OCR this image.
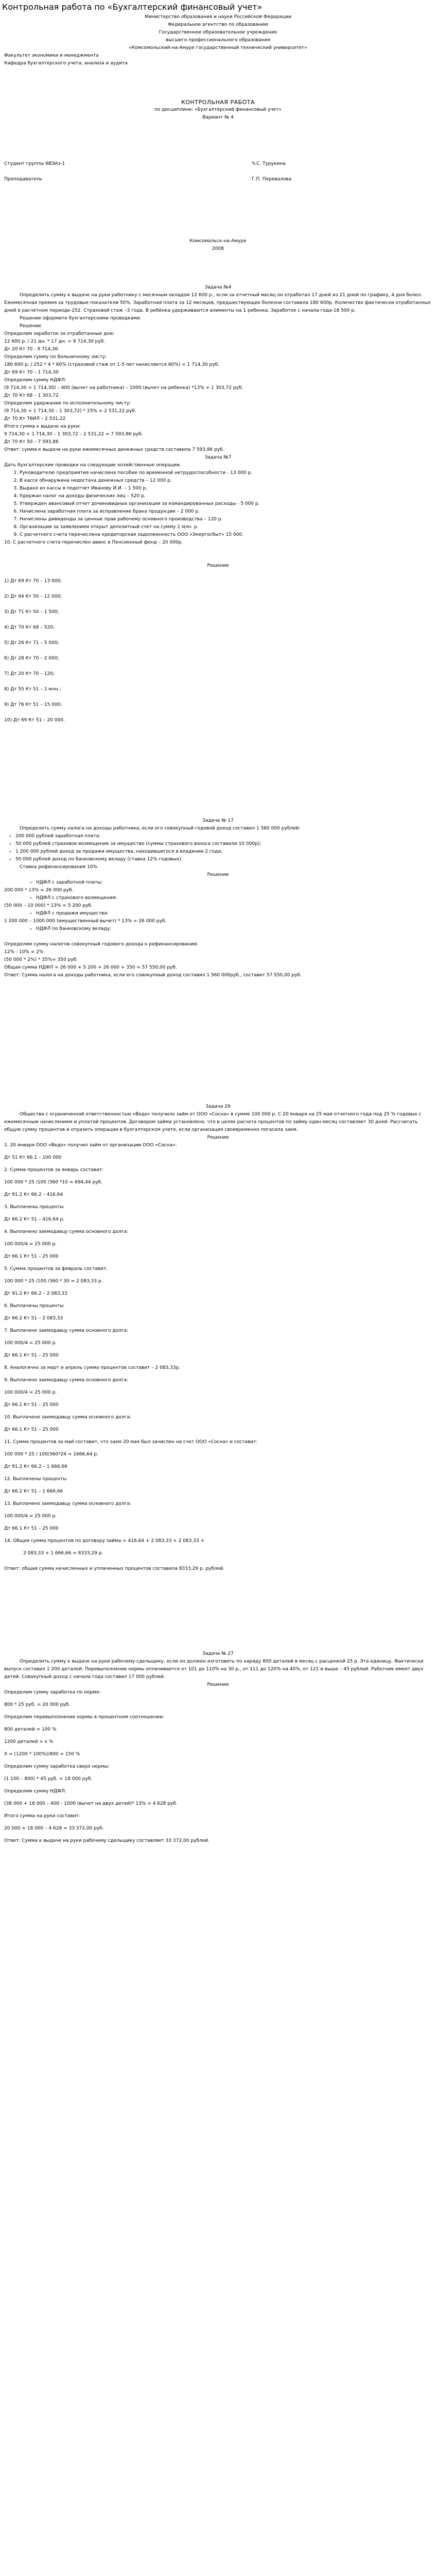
Контрольная работа по «Бухгалтерский финансовый учет»
Министерство образования и науки Российской Федерации
Федеральное агентство по образованию
Государственное образовательное учреждение
высшего профессионального образования
«Комсомольский-на-Амуре государственный технический университет»
Факультет экономики и менеджмента
Кафедра бухгалтерского учета, анализа и аудита
КОНТРОЛЬНАЯ РАБОТА
по дисциплине: «Бухгалтерский финансовый учет»
Вариант № 4
Студент группы 6ВЭАз-1	Ч.С. Турукина
Преподаватель	Г.П. Перевалова
Комсомольск-на-Амуре
2008
Задача №4
Определить сумму к выдаче на руки работнику с месячным окладом 12 600 р., если за отчетный месяц он отработал 17 дней из 21 дней по графику, 4 дня болел. Ежемесячная премия за трудовые показатели 50%. Заработная плата за 12 месяцев, предшествующих болезни составила 180 600р. Количество фактически отработанных дней в расчетном периоде-252. Страховой стаж –3 года. В ребёнка удерживаются алименты на 1 ребенка. Заработок с начала года-18 500 р.
Решение оформите бухгалтерскими проводками.
Решение
Определим заработок за отработанные дни:
12 600 р. / 21 дн. * 17 дн. = 9 714,30 руб.
Дт 20 Кт 70 - 9 714,30
Определим сумму по больничному листу:
180 600 р. / 252 * 4 * 60% (страховой стаж от 1-5 лет начисляется 60%) = 1 714,30 руб.
Дт 69 Кт 70 – 1 714,30
Определим сумму НДФЛ:
(9 714,30 + 1 714,30) – 400 (вычет на работника) – 1000 (вычет на ребенка) *13% = 1 303,72 руб.
Дт 70 Кт 68 – 1 303,72
Определим удержание по исполнительному листу:
(9 714,30 + 1 714,30 – 1 303,72) * 25% = 2 531,22 руб.
Дт 70 Кт 76ИЛ – 2 531,22
Итого сумма к выдаче на руки:
9 714,30 + 1 714,30 – 1 303,72 – 2 531,22 = 7 593,86 руб.
Дт 70 Кт 50 – 7 593,86
Ответ: сумма к выдаче на руки ежемесячных денежных средств составила 7 593,86 руб.
Задача №7
Дать бухгалтерские проводки на следующие хозяйственные операции.
1. Руководителю предприятия начислена пособие по временной нетрудоспособности - 13 000 р.
2. В кассе обнаружена недостача денежных средств – 12 000 р.
3. Выдано из кассы в подотчет Иванову И.И. – 1 500 р.
4. Удержан налог на доходы физических лиц – 520 р.
5. Утвержден авансовый отчет дочиновидных организации за командированных расходы - 5 000 р.
6. Начислена заработная плата за исправление брака продукции – 2 000 р.
7. Начислены дивиденды за ценные прав рабочему основного производства – 120 р.
8. Организации за заявлением открыт депозитный счет на сумму 1 млн. р.
9. С расчетного счета перечислена кредиторская задолженность ООО «Энергосбыт» 15 000.
10. С расчетного счета перечислен аванс в Пенсионный фонд – 20 000р.
Решение
1) Дт 69 Кт 70 – 13 000;
2) Дт 94 Кт 50 – 12 000;
3) Дт 71 Кт 50 – 1 500;
4) Дт 70 Кт 68 – 520;
5) Дт 26 Кт 71 – 5 000;
6) Дт 28 Кт 70 – 2 000;
7) Дт 20 Кт 70 – 120;
8) Дт 55 Кт 51 – 1 млн.;
9) Дт 76 Кт 51 – 15 000;
10) Дт 69 Кт 51 – 20 000.
Задача № 17
Определить сумму налога на доходы работника, если его совокупный годовой доход составил 1 560 000 рублей:
• 200 000 рублей заработная плата;
• 50 000 рублей страховое возмещение за имущество (суммы страхового взноса составили 10 000р);
• 1 200 000 рублей доход за продажи имущества, находившегося в владении 2 года;
• 50 000 рублей доход по банковскому вкладу (ставка 12% годовых).
Ставка рефинансирования 10%
Решение
• НДФЛ с заработной платы:
200 000 * 13% = 26 000 руб.
• НДФЛ с страхового возмещения:
(50 000 – 10 000) * 13% = 5 200 руб.
• НДФЛ с продажи имущества:
1 200 000 – 1000 000 (имущественный вычет) * 13% = 26 000 руб.
• НДФЛ по банковскому вкладу:
Определим сумму налогов совокупный годового дохода к рефинансированию
12% - 10% = 2%
(50 000 * 2%) * 35%= 350 руб.
Общая сумма НДФЛ = 26 000 + 5 200 + 26 000 + 350 = 57 550,00 руб.
Ответ: Сумма налога на доходы работника, если его совокупный доход составил 1 560 000руб., составит 57 550,00 руб.
Задача 29
Общества с ограниченной ответственностью «Ведо» получило займ от ООО «Сосна» в сумме 100 000 р. С 20 января на 25 мая отчетного года под 25 % годовых с ежемесячным начислением и уплатой процентов. Договором займа установлено, что в целях расчета процентов по займу один месяц составляет 30 дней. Рассчитать общую сумму процентов и отразить операции в бухгалтерском учете, если организация своевременно погасила заем.
Решение
1. 20 января ООО «Ведо» получил займ от организации ООО «Сосна»:
Дт 51 Кт 66.1 – 100 000
2. Сумма процентов за январь составит:
100 000 * 25 /100 /360 *10 = 694,44 руб.
Дт 91.2 Кт 66.2 – 416,64
3. Выплачены проценты
Дт 66.2 Кт 51 – 416,64 р.
4. Выплачено заемодавцу сумма основного долга:
100 000/4 = 25 000 р.
Дт 66.1 Кт 51 – 25 000
5. Сумма процентов за февраль составит:
100 000 * 25 /100 /360 * 30 = 2 083,33 р.
Дт 91.2 Кт 66.2 – 2 083,33
6. Выплачены проценты
Дт 66.2 Кт 51 – 2 083,33
7. Выплачено заемодавцу сумма основного долга:
100 000/4 = 25 000 р.
Дт 66.1 Кт 51 – 25 000
8. Аналогично за март и апрель сумма процентов составит – 2 083,33р.
9. Выплачено заемодавцу сумма основного долга:
100 000/4 = 25 000 р.
Дт 66.1 Кт 51 – 25 000
10. Выплачено заемодавцу сумма основного долга:
Дт 66.1 Кт 51 – 25 000
11. Сумма процентов за май составит, что заем 20 мая был зачислен на счет ООО «Сосна» и составит:
100 000 * 25 / 100/360*24 = 1666,64 р.
Дт 91.2 Кт 66.2 – 1 666,66
12. Выплачены проценты
Дт 66.2 Кт 51 – 1 666,66
13. Выплачено заемодавцу сумма основного долга:
100 000/4 = 25 000 р.
Дт 66.1 Кт 51 – 25 000
14. Общая сумма процентов по договору займа = 416,64 + 2 083,33 + 2 083,33 +
2 083,33 + 1 666,66 = 8333,29 р.
Ответ: общая сумма начисленных и уплаченных процентов составила 8333,29 р. рублей.
Задача № 27
Определить сумму к выдаче на руки рабочему-сдельщику, если он должен изготовить по наряду 800 деталей в месяц с расценкой 25 р. Эта единицу. Фактически выпуск составил 1 200 деталей. Перевыполнение нормы оплачивается от 101 до 110% на 30 р., от 111 до 120% на 40%, от 121 и выше – 45 рублей. Работник имеет двух детей. Совокупный доход с начала года составил 17 000 рублей.
Решение
Определим сумму заработка по норме:
800 * 25 руб. = 20 000 руб.
Определим перевыполнение нормы в процентном соотношении:
800 деталей = 100 %
1200 деталей = х %
Х = (1200 * 100%)/800 = 150 %
Определим сумму заработка сверх нормы:
(1 100 – 800) * 45 руб. = 18 000 руб.
Определим сумму НДФЛ:
(38 000 + 18 000 – 400 - 1000 (вычет на двух детей)* 13% = 4 628 руб.
Итого сумма на руки составит:
20 000 + 18 000 – 4 628 = 33 372,00 руб.
Ответ: Сумма к выдаче на руки рабочему сдельщику составляет 33 372,00 рублей.
